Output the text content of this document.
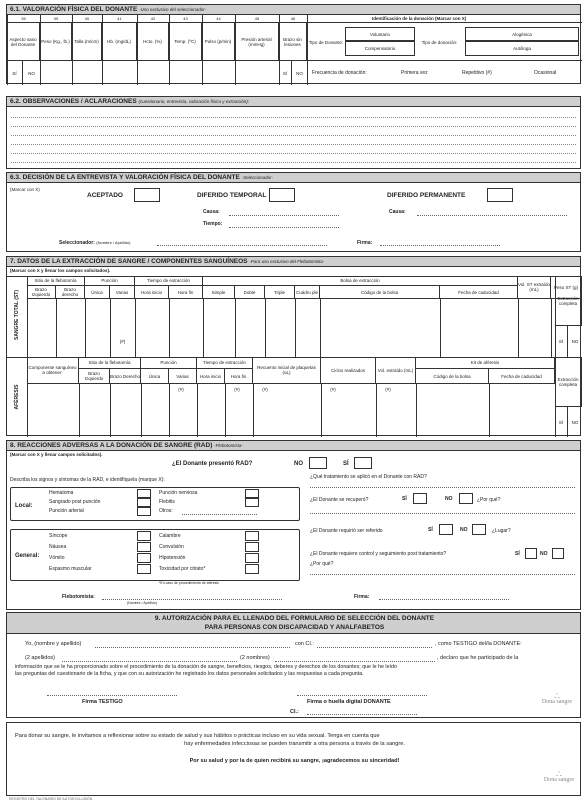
6.1. VALORACIÓN FÍSICA DEL DONANTE -Uso exclusivo del seleccionador-
35	39	40	41	42	43	44	45	46
Aspecto sano del Donante	Peso (Kg., lb.)	Talla (m/cm)	Hb. (mg/dL)	Hcto. (%)	Temp. (ºC)	Pulso (p/min)	Presión arterial (mmHg)
Brazo sin lesiones
Identificación de la donación (Marcar con X)
Tipo de Donante:
Voluntario
Compensatorio
Tipo de donación:
Alogénica
Autóloga
Frecuencia de donación:	Primera vez	Repetitivo (#)	Ocasional
SÍ	NO	SÍ	NO
6.2. OBSERVACIONES / ACLARACIONES (cuestionario, entrevista, valoración física y extracción):
6.3. DECISIÓN DE LA ENTREVISTA Y VALORACIÓN FÍSICA DEL DONANTE -Seleccionador-
(Marcar con X)
ACEPTADO	DIFERIDO TEMPORAL	DIFERIDO PERMANENTE
Causa:
Tiempo:
Causa:
Seleccionador: (Nombre / Apellido)	Firma:
7. DATOS DE LA EXTRACCIÓN DE SANGRE / COMPONENTES SANGUÍNEOS -Para uso exclusivo del Flebotomista-
(Marcar con X y llenar los campos solicitados).
SANGRE TOTAL (ST)
Sitio de la flebotomía
Brazo Izquierdo
Brazo derecho
Punción
Única	Varias
Tiempo de extracción
Hora inicio	Hora fin
Bolsa de extracción
Simple	Doble	Triple	Cuádru ple	Código de la bolsa	Fecha de caducidad
Vol. ST extraído (mL)	Peso ST (g)
Extracción completa
SÍ	NO
(#)
AFÉRESIS
Componente sanguíneo a obtener:
Sitio de la flebotomía
Brazo Izquierdo	Brazo Derecho
Punción
Única	Varias
Tiempo de extracción
Hora inicio	Hora fin
Recuento inicial de plaquetas (uL)	Ciclos realizados	Vol. extraído (mL)
Kit de aféresis
Código de la bolsa	Fecha de caducidad
Extracción completa
SÍ	NO
(#)	(#)	(#)	(#)	(#)
8. REACCIONES ADVERSAS A LA DONACIÓN DE SANGRE (RAD) -Flebotomista-
(Marcar con X y llenar campos solicitados).
¿El Donante presentó RAD?	NO	SÍ
Describa los signos y síntomas de la RAD, e identifíquela (marque X):	¿Qué tratamiento se aplicó en el Donante con RAD?
Local:
Hematoma
Sangrado post punción
Punción arterial
Punción nerviosa
Flebitis
Otros:
General:
Síncope
Náusea
Vómito
Espasmo muscular
Calambre
Convulsión
Hipotensión
Toxicidad por citrato*
*En caso de procedimiento de aféresis
¿El Donante se recuperó?	SÍ	NO	¿Por qué?
¿El Donante requirió ser referido	SÍ	NO	¿Lugar?
¿El Donante requiere control y seguimiento post tratamiento?	SÍ	NO
¿Por qué?
Flebotomista:
(Nombre / Apellido)
Firma:
9. AUTORIZACIÓN PARA EL LLENADO DEL FORMULARIO DE SELECCIÓN DEL DONANTE
PARA PERSONAS CON DISCAPACIDAD Y ANALFABETOS
Yo, (nombre y apellido)	con CI.:	, como TESTIGO del/la DONANTE:
(2 apellidos)	(2 nombres)	, declaro que he participado de la
información que se le ha proporcionado sobre el procedimiento de la donación de sangre, beneficios, riesgos, deberes y derechos de los donantes; que le he leído
las preguntas del cuestionario de la ficha, y que con su autorización he registrado los datos personales solicitados y las respuestas a cada pregunta.
Firma TESTIGO	Firma o huella digital DONANTE
CI.:
∴
Dona sangre
Para donar su sangre, le invitamos a reflexionar sobre su estado de salud y sus hábitos o prácticas incluso en su vida sexual. Tenga en cuenta que
hay enfermedades infecciosas se pueden transmitir a otra persona a través de la sangre.
Por su salud y por la de quien recibirá su sangre, ¡agradecemos su sinceridad!
∴
Dona sangre
REGISTRO DEL TALONARIO DE AUTOEXCLUSIÓN
